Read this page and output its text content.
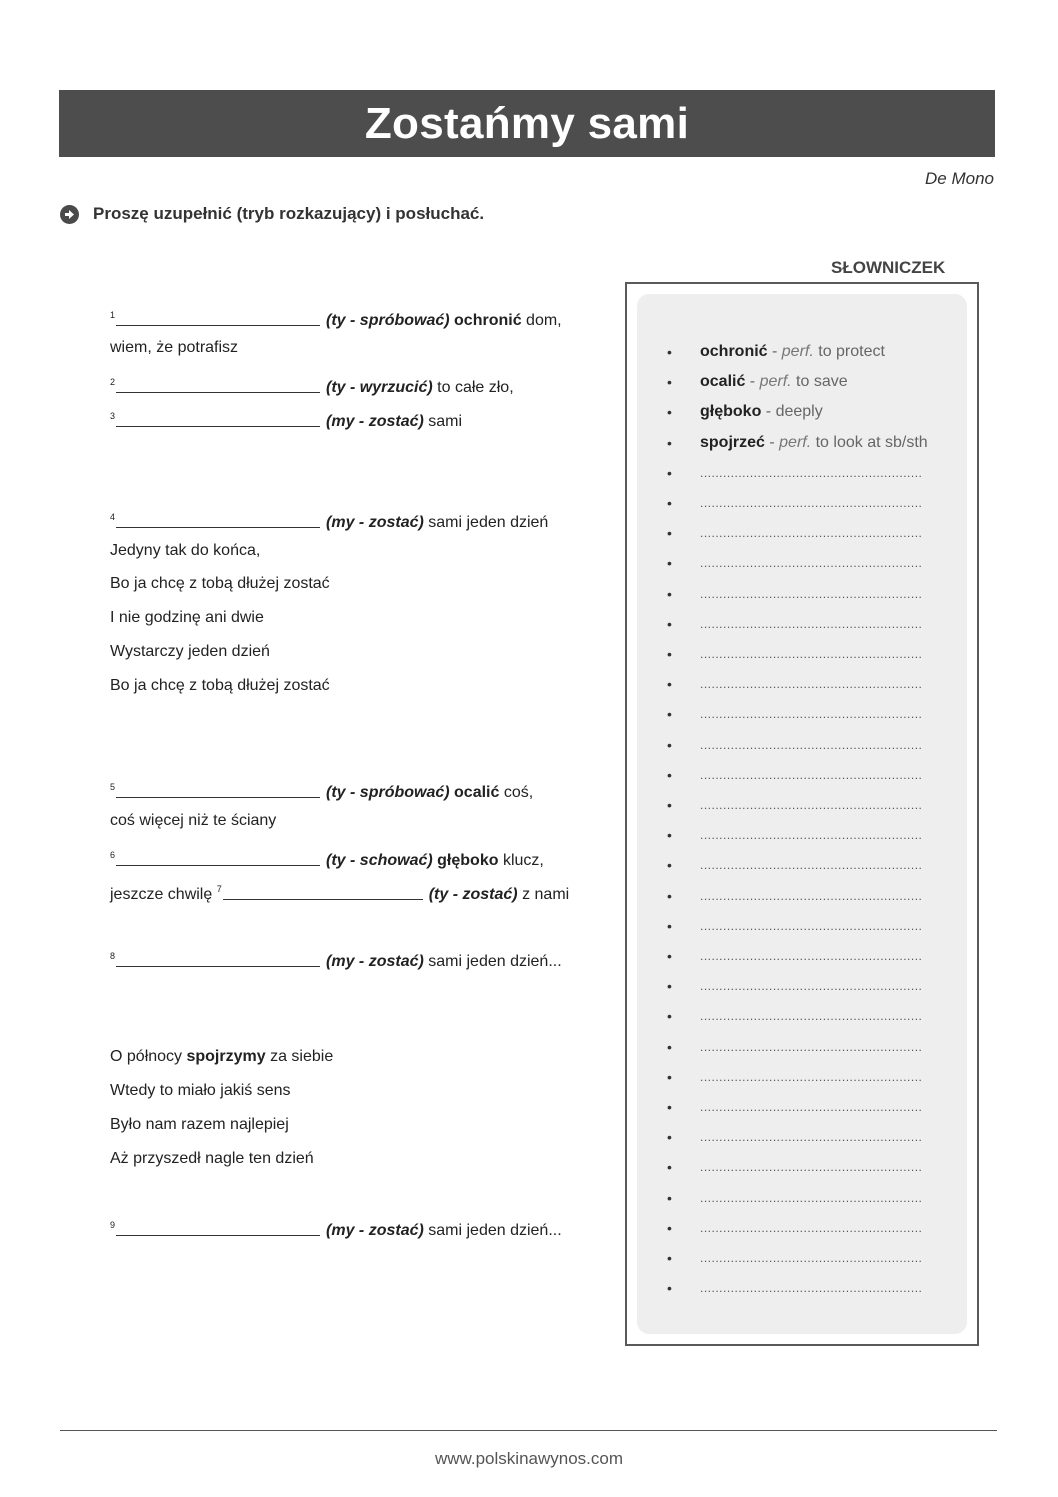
Zostańmy sami
De Mono
Proszę uzupełnić (tryb rozkazujący) i posłuchać.
$^1$	(ty - spróbować) ochronić dom,
wiem, że potrafisz
$^2$	(ty - wyrzucić) to całe zło,
$^3$	(my - zostać) sami
$^4$	(my - zostać) sami jeden dzień
Jedyny tak do końca,
Bo ja chcę z tobą dłużej zostać
I nie godzinę ani dwie
Wystarczy jeden dzień
Bo ja chcę z tobą dłużej zostać
$^5$	(ty - spróbować) ocalić coś,
coś więcej niż te ściany
$^6$	(ty - schować) głęboko klucz,
jeszcze chwilę $^7$	(ty - zostać) z nami
$^8$	(my - zostać) sami jeden dzień...
O północy spojrzymy za siebie
Wtedy to miało jakiś sens
Było nam razem najlepiej
Aż przyszedł nagle ten dzień
$^9$	(my - zostać) sami jeden dzień...
SŁOWNICZEK
•	ochronić - perf. to protect
•	ocalić - perf. to save
•	głęboko - deeply
•	spojrzeć - perf. to look at sb/sth
•	..........................................................
•	..........................................................
•	..........................................................
•	..........................................................
•	..........................................................
•	..........................................................
•	..........................................................
•	..........................................................
•	..........................................................
•	..........................................................
•	..........................................................
•	..........................................................
•	..........................................................
•	..........................................................
•	..........................................................
•	..........................................................
•	..........................................................
•	..........................................................
•	..........................................................
•	..........................................................
•	..........................................................
•	..........................................................
•	..........................................................
•	..........................................................
•	..........................................................
•	..........................................................
•	..........................................................
•	..........................................................
www.polskinawynos.com
